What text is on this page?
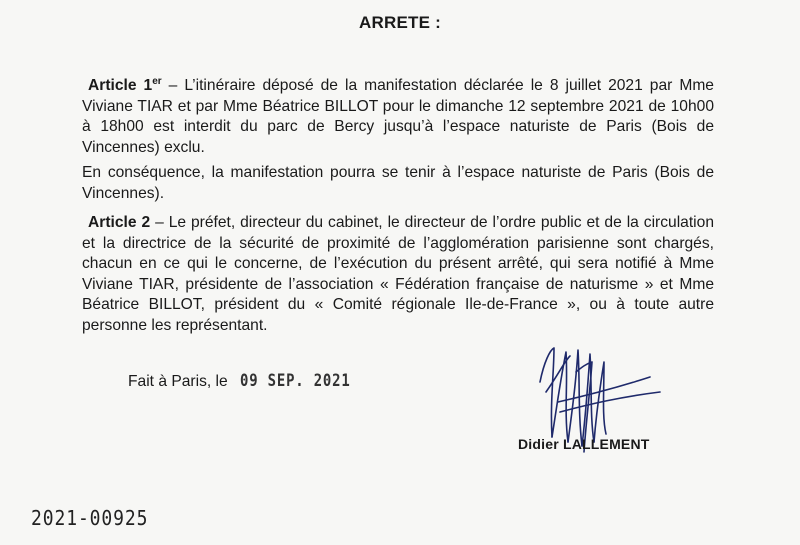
ARRETE :

Article 1er – L’itinéraire déposé de la manifestation déclarée le 8 juillet 2021 par Mme Viviane TIAR et par Mme Béatrice BILLOT pour le dimanche 12 septembre 2021 de 10h00 à 18h00 est interdit du parc de Bercy jusqu’à l’espace naturiste de Paris (Bois de Vincennes) exclu.

En conséquence, la manifestation pourra se tenir à l’espace naturiste de Paris (Bois de Vincennes).

Article 2 – Le préfet, directeur du cabinet, le directeur de l’ordre public et de la circulation et la directrice de la sécurité de proximité de l’agglomération parisienne sont chargés, chacun en ce qui le concerne, de l’exécution du présent arrêté, qui sera notifié à Mme Viviane TIAR, présidente de l’association « Fédération française de naturisme » et Mme Béatrice BILLOT, président du « Comité régionale Ile-de-France », ou à toute autre personne les représentant.

Fait à Paris, le 09 SEP. 2021
Didier LALLEMENT
2021-00925
